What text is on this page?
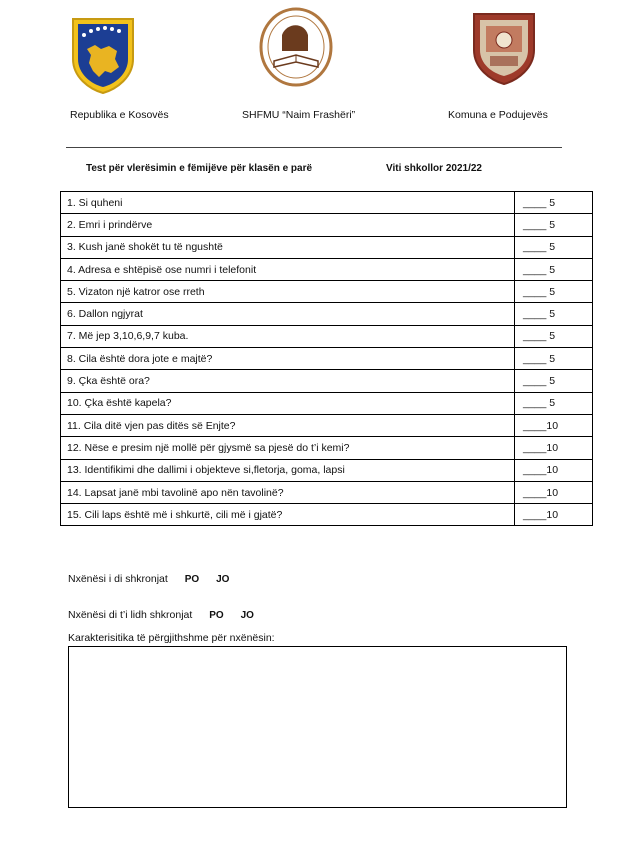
Republika e Kosovës	SHFMU “Naim Frashëri”	Komuna e Podujevës
Test për vlerësimin e fëmijëve për klasën e parë	Viti shkollor 2021/22
1. Si quheni	____ 5
2. Emri i prindërve	____ 5
3. Kush janë shokët tu të ngushtë	____ 5
4. Adresa e shtëpisë ose numri i telefonit	____ 5
5. Vizaton një katror ose rreth	____ 5
6. Dallon ngjyrat	____ 5
7. Më jep 3,10,6,9,7 kuba.	____ 5
8. Cila është dora jote e majtë?	____ 5
9. Çka është ora?	____ 5
10. Çka është kapela?	____ 5
11. Cila ditë vjen pas ditës së Enjte?	____10
12. Nëse e presim një mollë për gjysmë sa pjesë do t’i kemi?	____10
13. Identifikimi dhe dallimi i objekteve si,fletorja, goma, lapsi	____10
14. Lapsat janë mbi tavolinë apo nën tavolinë?	____10
15. Cili laps është më i shkurtë, cili më i gjatë?	____10
Nxënësi i di shkronjat PO JO
Nxënësi di t’i lidh shkronjat PO JO
Karakterisitika të përgjithshme për nxënësin:
